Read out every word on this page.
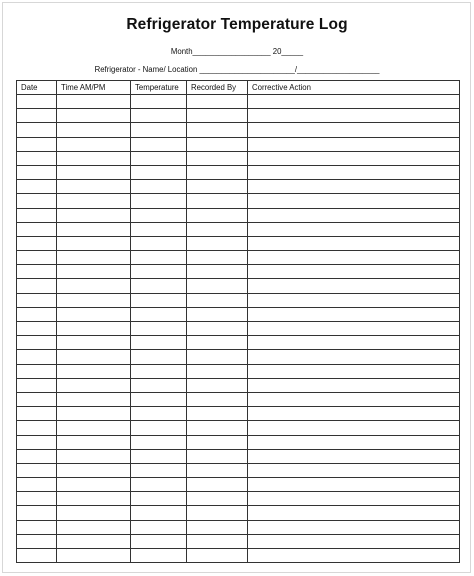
Refrigerator Temperature Log
Month__________________ 20_____
Refrigerator - Name/ Location ______________________/___________________
Date	Time AM/PM	Temperature	Recorded By	Corrective Action
